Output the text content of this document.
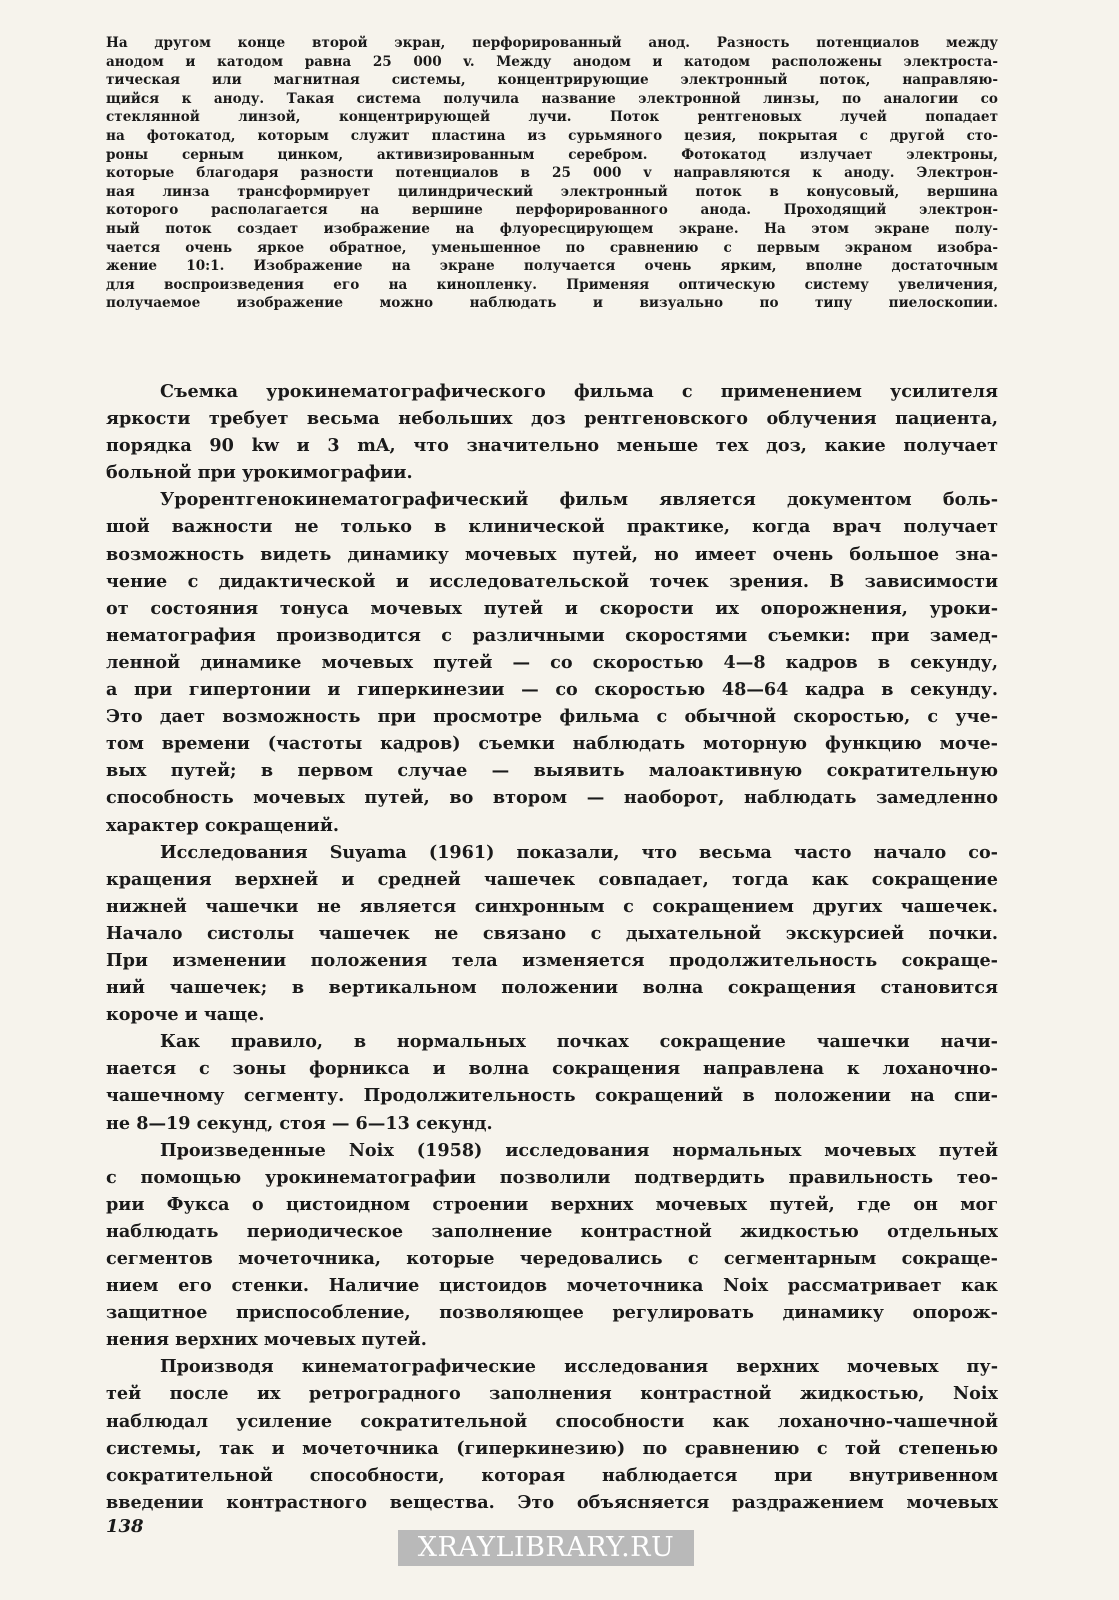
На другом конце второй экран, перфорированный анод. Разность потенциалов между
анодом и катодом равна 25 000 v. Между анодом и катодом расположены электроста-
тическая или магнитная системы, концентрирующие электронный поток, направляю-
щийся к аноду. Такая система получила название электронной линзы, по аналогии со
стеклянной линзой, концентрирующей лучи. Поток рентгеновых лучей попадает
на фотокатод, которым служит пластина из сурьмяного цезия, покрытая с другой сто-
роны серным цинком, активизированным серебром. Фотокатод излучает электроны,
которые благодаря разности потенциалов в 25 000 v направляются к аноду. Электрон-
ная линза трансформирует цилиндрический электронный поток в конусовый, вершина
которого располагается на вершине перфорированного анода. Проходящий электрон-
ный поток создает изображение на флуоресцирующем экране. На этом экране полу-
чается очень яркое обратное, уменьшенное по сравнению с первым экраном изобра-
жение 10:1. Изображение на экране получается очень ярким, вполне достаточным
для воспроизведения его на кинопленку. Применяя оптическую систему увеличения,
получаемое изображение можно наблюдать и визуально по типу пиелоскопии.
Съемка урокинематографического фильма с применением усилителя
яркости требует весьма небольших доз рентгеновского облучения пациента,
порядка 90 kw и 3 mA, что значительно меньше тех доз, какие получает
больной при урокимографии.
Урорентгенокинематографический фильм является документом боль-
шой важности не только в клинической практике, когда врач получает
возможность видеть динамику мочевых путей, но имеет очень большое зна-
чение с дидактической и исследовательской точек зрения. В зависимости
от состояния тонуса мочевых путей и скорости их опорожнения, уроки-
нематография производится с различными скоростями съемки: при замед-
ленной динамике мочевых путей — со скоростью 4—8 кадров в секунду,
а при гипертонии и гиперкинезии — со скоростью 48—64 кадра в секунду.
Это дает возможность при просмотре фильма с обычной скоростью, с уче-
том времени (частоты кадров) съемки наблюдать моторную функцию моче-
вых путей; в первом случае — выявить малоактивную сократительную
способность мочевых путей, во втором — наоборот, наблюдать замедленно
характер сокращений.
Исследования Suyama (1961) показали, что весьма часто начало со-
кращения верхней и средней чашечек совпадает, тогда как сокращение
нижней чашечки не является синхронным с сокращением других чашечек.
Начало систолы чашечек не связано с дыхательной экскурсией почки.
При изменении положения тела изменяется продолжительность сокраще-
ний чашечек; в вертикальном положении волна сокращения становится
короче и чаще.
Как правило, в нормальных почках сокращение чашечки начи-
нается с зоны форникса и волна сокращения направлена к лоханочно-
чашечному сегменту. Продолжительность сокращений в положении на спи-
не 8—19 секунд, стоя — 6—13 секунд.
Произведенные Noix (1958) исследования нормальных мочевых путей
с помощью урокинематографии позволили подтвердить правильность тео-
рии Фукса о цистоидном строении верхних мочевых путей, где он мог
наблюдать периодическое заполнение контрастной жидкостью отдельных
сегментов мочеточника, которые чередовались с сегментарным сокраще-
нием его стенки. Наличие цистоидов мочеточника Noix рассматривает как
защитное приспособление, позволяющее регулировать динамику опорож-
нения верхних мочевых путей.
Производя кинематографические исследования верхних мочевых пу-
тей после их ретроградного заполнения контрастной жидкостью, Noix
наблюдал усиление сократительной способности как лоханочно-чашечной
системы, так и мочеточника (гиперкинезию) по сравнению с той степенью
сократительной способности, которая наблюдается при внутривенном
введении контрастного вещества. Это объясняется раздражением мочевых
138
XRAYLIBRARY.RU
